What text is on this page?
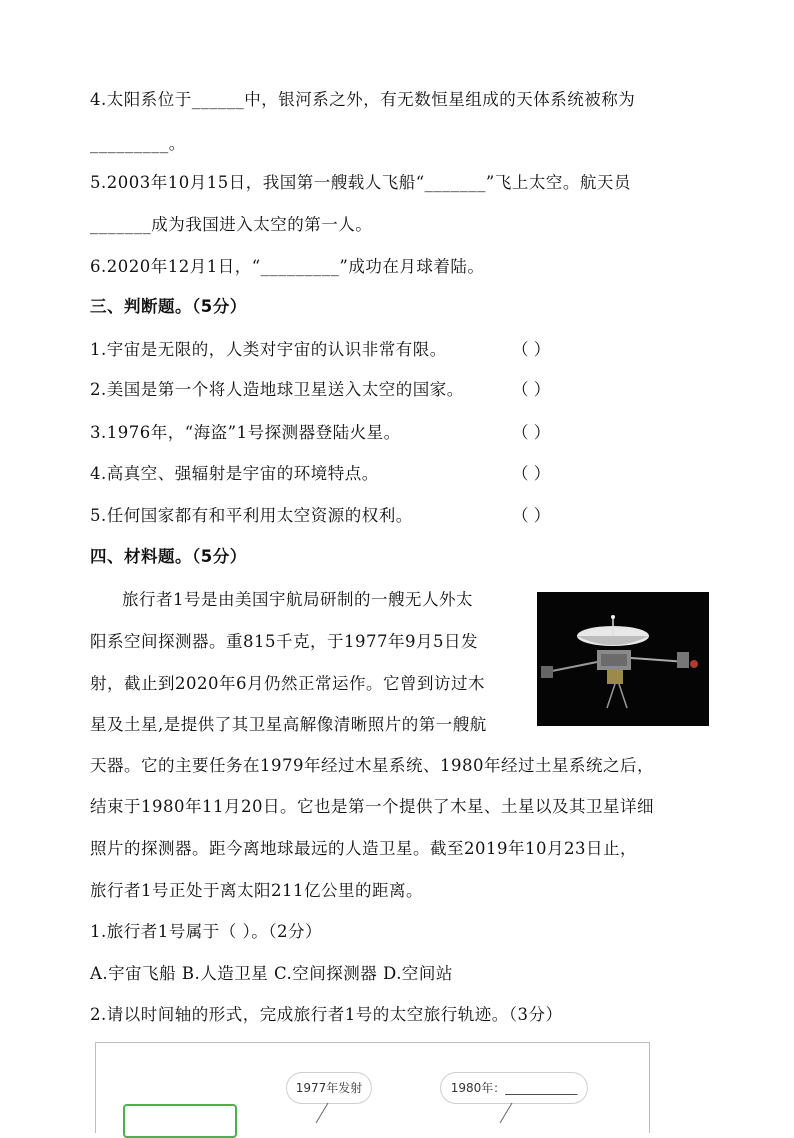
4.太阳系位于______中，银河系之外，有无数恒星组成的天体系统被称为
_________。
5.2003年10月15日，我国第一艘载人飞船“_______”飞上太空。航天员
_______成为我国进入太空的第一人。
6.2020年12月1日，“_________”成功在月球着陆。
三、判断题。（5分）
1.宇宙是无限的，人类对宇宙的认识非常有限。	（ ）
2.美国是第一个将人造地球卫星送入太空的国家。	（ ）
3.1976年，“海盗”1号探测器登陆火星。	（ ）
4.高真空、强辐射是宇宙的环境特点。	（ ）
5.任何国家都有和平利用太空资源的权利。	（ ）
四、材料题。（5分）
旅行者1号是由美国宇航局研制的一艘无人外太
阳系空间探测器。重815千克，于1977年9月5日发
射，截止到2020年6月仍然正常运作。它曾到访过木
星及土星,是提供了其卫星高解像清晰照片的第一艘航
天器。它的主要任务在1979年经过木星系统、1980年经过土星系统之后，
结束于1980年11月20日。它也是第一个提供了木星、土星以及其卫星详细
照片的探测器。距今离地球最远的人造卫星。截至2019年10月23日止，
旅行者1号正处于离太阳211亿公里的距离。
1.旅行者1号属于（ ）。（2分）
A.宇宙飞船 B.人造卫星 C.空间探测器 D.空间站
2.请以时间轴的形式，完成旅行者1号的太空旅行轨迹。（3分）
1977年发射	1980年：____________
